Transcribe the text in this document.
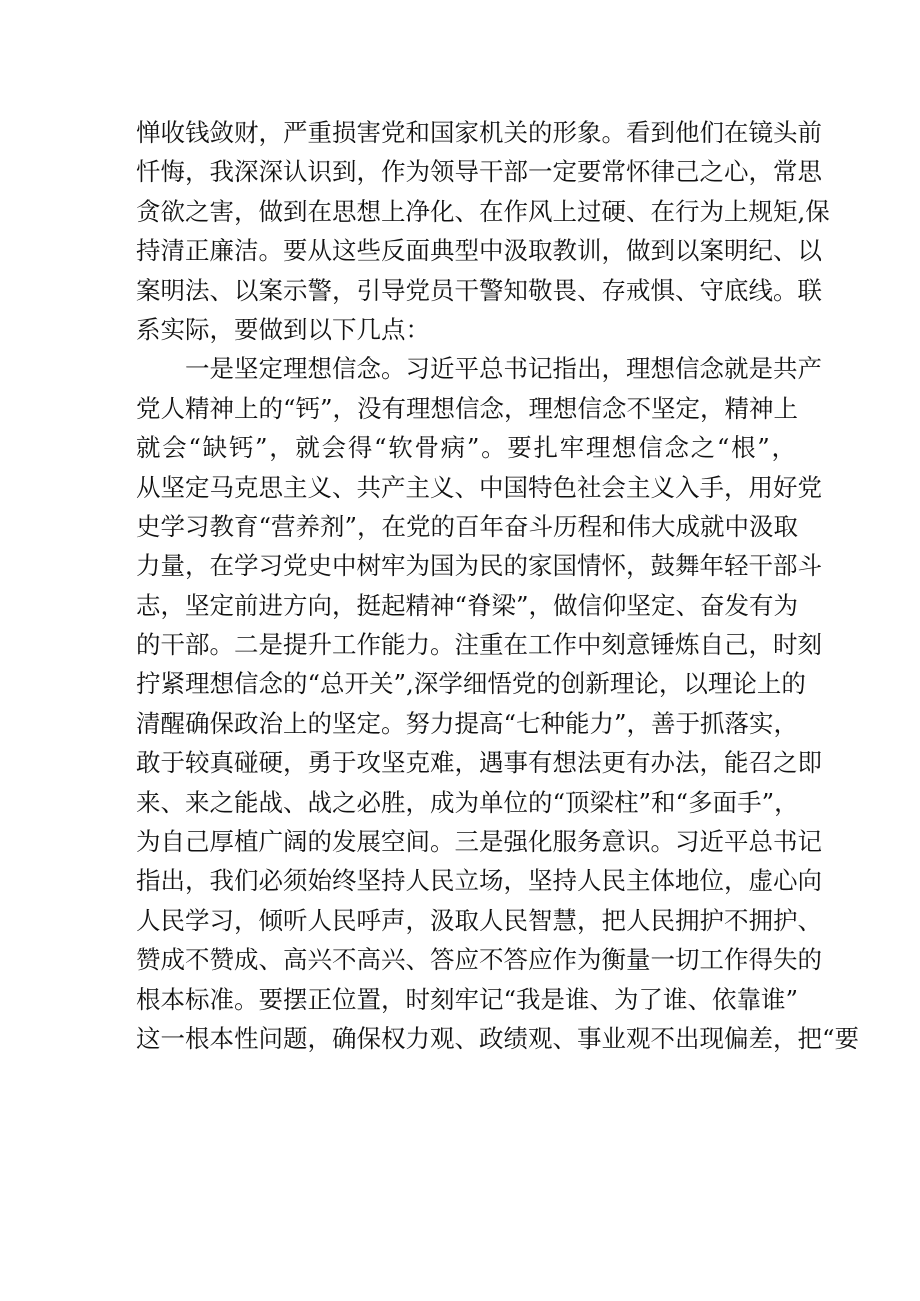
惮收钱敛财，严重损害党和国家机关的形象。看到他们在镜头前
忏悔，我深深认识到，作为领导干部一定要常怀律己之心，常思
贪欲之害，做到在思想上净化、在作风上过硬、在行为上规矩,保
持清正廉洁。要从这些反面典型中汲取教训，做到以案明纪、以
案明法、以案示警，引导党员干警知敬畏、存戒惧、守底线。联
系实际，要做到以下几点：
　　一是坚定理想信念。习近平总书记指出，理想信念就是共产
党人精神上的“钙”，没有理想信念，理想信念不坚定，精神上
就会“缺钙”，就会得“软骨病”。要扎牢理想信念之“根”，
从坚定马克思主义、共产主义、中国特色社会主义入手，用好党
史学习教育“营养剂”，在党的百年奋斗历程和伟大成就中汲取
力量，在学习党史中树牢为国为民的家国情怀，鼓舞年轻干部斗
志，坚定前进方向，挺起精神“脊梁”，做信仰坚定、奋发有为
的干部。二是提升工作能力。注重在工作中刻意锤炼自己，时刻
拧紧理想信念的“总开关”,深学细悟党的创新理论，以理论上的
清醒确保政治上的坚定。努力提高“七种能力”，善于抓落实，
敢于较真碰硬，勇于攻坚克难，遇事有想法更有办法，能召之即
来、来之能战、战之必胜，成为单位的“顶梁柱”和“多面手”，
为自己厚植广阔的发展空间。三是强化服务意识。习近平总书记
指出，我们必须始终坚持人民立场，坚持人民主体地位，虚心向
人民学习，倾听人民呼声，汲取人民智慧，把人民拥护不拥护、
赞成不赞成、高兴不高兴、答应不答应作为衡量一切工作得失的
根本标准。要摆正位置，时刻牢记“我是谁、为了谁、依靠谁”
这一根本性问题，确保权力观、政绩观、事业观不出现偏差，把“要
